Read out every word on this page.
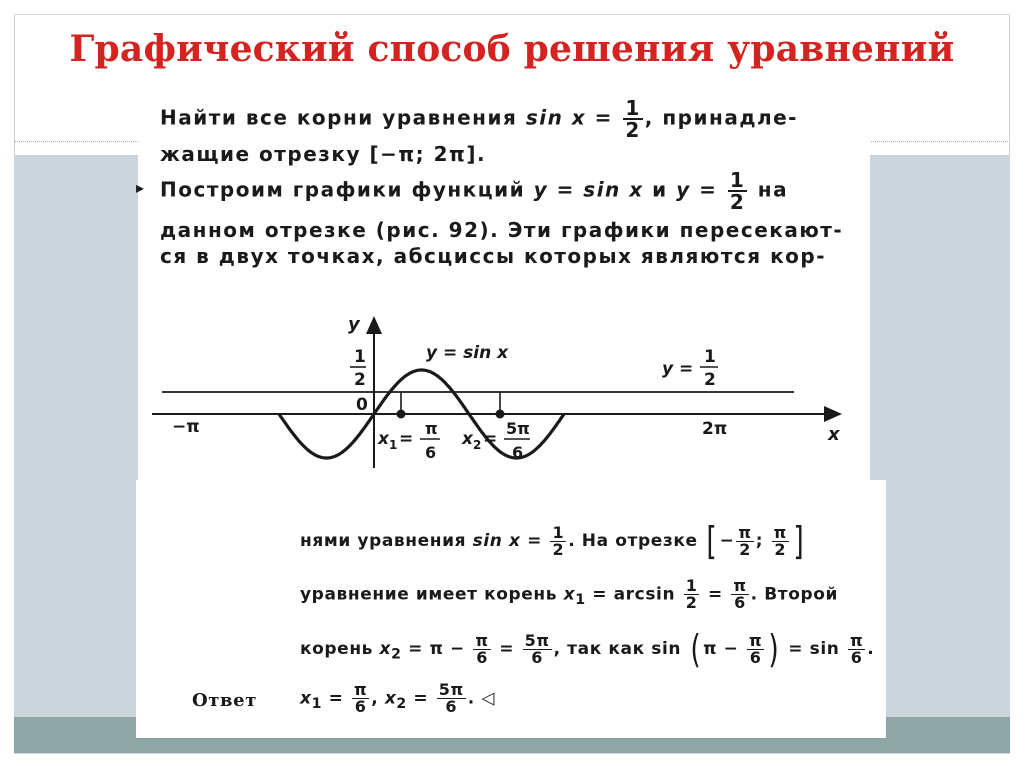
Графический способ решения уравнений
Найти все корни уравнения $\sin x = \frac{1}{2}$ , принадле-
жащие отрезку [−π; 2π].
▸ Построим графики функций y = sin x и $y = \frac{1}{2}$ на
данном отрезке (рис. 92). Эти графики пересекают-
ся в двух точках, абсциссы которых являются кор-
y
x
0
1
2
y = sin x
y =
1
2
−π	2π
x 1 =
π
6
x 2 =
5π
6
нями уравнения $\sin x = \frac{1}{2}$ . На отрезке [ − $\frac{\pi}{2}$ ; $\frac{\pi}{2}$ ]
уравнение имеет корень $x_1 = \arcsin \frac{1}{2} = \frac{\pi}{6}$ . Второй
корень $x_2 = \pi - \frac{\pi}{6} = \frac{5\pi}{6}$ , так как sin ( $\pi - \frac{\pi}{6}$ ) = $\sin \frac{\pi}{6}$ .
Ответ	$x_1 = \frac{\pi}{6}$ , $x_2 = \frac{5\pi}{6}$ . ◁
